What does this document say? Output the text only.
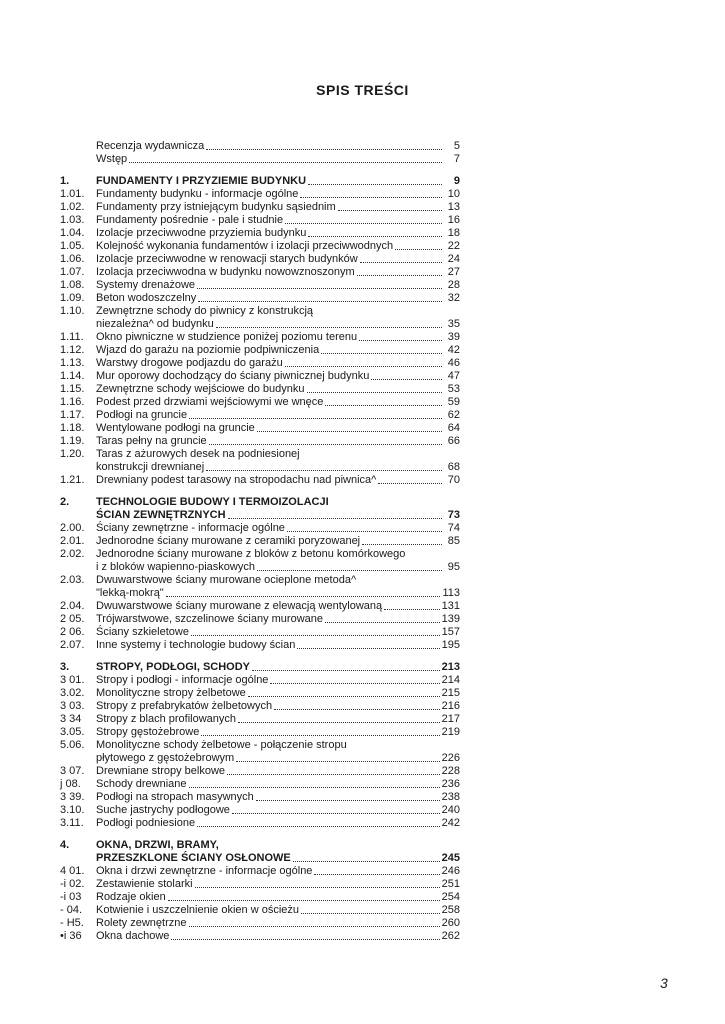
SPIS TREŚCI
Recenzja wydawnicza	5
Wstęp	7
1.	FUNDAMENTY I PRZYZIEMIE BUDYNKU	9
1.01.	Fundamenty budynku - informacje ogólne	10
1.02.	Fundamenty przy istniejącym budynku sąsiednim	13
1.03.	Fundamenty pośrednie - pale i studnie	16
1.04.	Izolacje przeciwwodne przyziemia budynku	18
1.05.	Kolejność wykonania fundamentów i izolacji przeciwwodnych	22
1.06.	Izolacje przeciwwodne w renowacji starych budynków	24
1.07.	Izolacja przeciwwodna w budynku nowowznoszonym	27
1.08.	Systemy drenażowe	28
1.09.	Beton wodoszczelny	32
1.10.	Zewnętrzne schody do piwnicy z konstrukcją
niezależna^ od budynku	35
1.11.	Okno piwniczne w studzience poniżej poziomu terenu	39
1.12.	Wjazd do garażu na poziomie podpiwniczenia	42
1.13.	Warstwy drogowe podjazdu do garażu	46
1.14.	Mur oporowy dochodzący do ściany piwnicznej budynku	47
1.15.	Zewnętrzne schody wejściowe do budynku	53
1.16.	Podest przed drzwiami wejściowymi we wnęce	59
1.17.	Podłogi na gruncie	62
1.18.	Wentylowane podłogi na gruncie	64
1.19.	Taras pełny na gruncie	66
1.20.	Taras z ażurowych desek na podniesionej
konstrukcji drewnianej	68
1.21.	Drewniany podest tarasowy na stropodachu nad piwnica^	70
2.	TECHNOLOGIE BUDOWY I TERMOIZOLACJI
ŚCIAN ZEWNĘTRZNYCH	73
2.00.	Ściany zewnętrzne - informacje ogólne	74
2.01.	Jednorodne ściany murowane z ceramiki poryzowanej	85
2.02.	Jednorodne ściany murowane z bloków z betonu komórkowego
i z bloków wapienno-piaskowych	95
2.03.	Dwuwarstwowe ściany murowane ocieplone metoda^
"lekką-mokrą"	113
2.04.	Dwuwarstwowe ściany murowane z elewacją wentylowaną	131
2 05.	Trójwarstwowe, szczelinowe ściany murowane	139
2 06.	Ściany szkieletowe	157
2.07.	Inne systemy i technologie budowy ścian	195
3.	STROPY, PODŁOGI, SCHODY	213
3 01.	Stropy i podłogi - informacje ogólne	214
3.02.	Monolityczne stropy żelbetowe	215
3 03.	Stropy z prefabrykatów żelbetowych	216
3 34	Stropy z blach profilowanych	217
3.05.	Stropy gęstożebrowe	219
5.06.	Monolityczne schody żelbetowe - połączenie stropu
płytowego z gęstożebrowym	226
3 07.	Drewniane stropy belkowe	228
j 08.	Schody drewniane	236
3 39.	Podłogi na stropach masywnych	238
3.10.	Suche jastrychy podłogowe	240
3.11.	Podłogi podniesione	242
4.	OKNA, DRZWI, BRAMY,
PRZESZKLONE ŚCIANY OSŁONOWE	245
4 01.	Okna i drzwi zewnętrzne - informacje ogólne	246
-i 02.	Zestawienie stolarki	251
-i 03	Rodzaje okien	254
- 04.	Kotwienie i uszczelnienie okien w ościeżu	258
- H5.	Rolety zewnętrzne	260
•i 36	Okna dachowe	262
3
